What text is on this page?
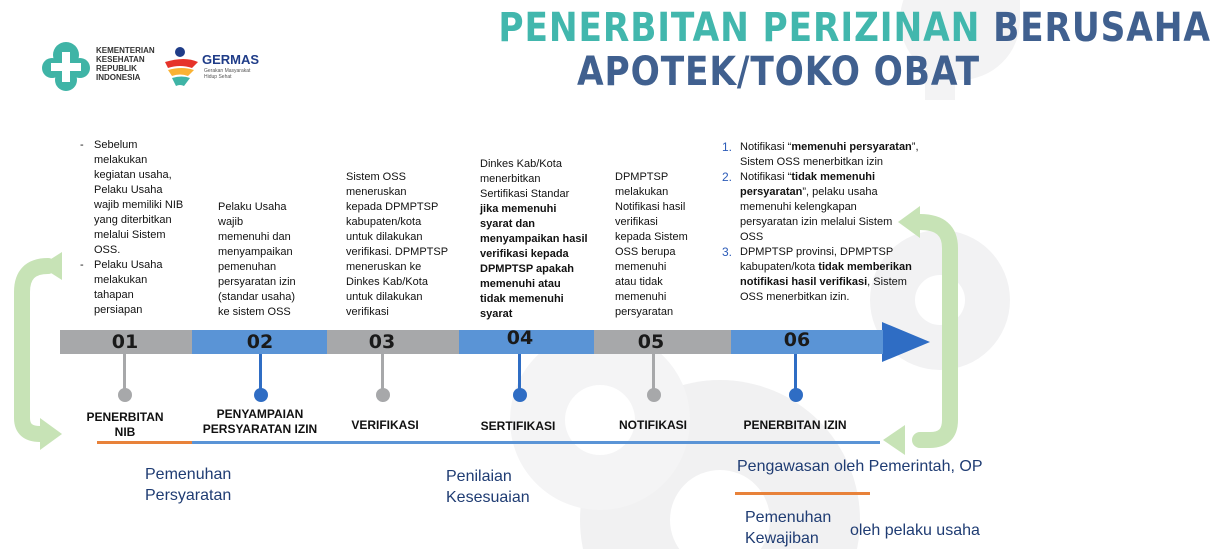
KEMENTERIAN
KESEHATAN
REPUBLIK
INDONESIA
GERMAS
Gerakan Masyarakat
Hidup Sehat
PENERBITAN PERIZINAN BERUSAHA
APOTEK/TOKO OBAT
- Sebelum
melakukan
kegiatan usaha,
Pelaku Usaha
wajib memiliki NIB
yang diterbitkan
melalui Sistem
OSS.
- Pelaku Usaha
melakukan
tahapan
persiapan
Pelaku Usaha
wajib
memenuhi dan
menyampaikan
pemenuhan
persyaratan izin
(standar usaha)
ke sistem OSS
Sistem OSS
meneruskan
kepada DPMPTSP
kabupaten/kota
untuk dilakukan
verifikasi. DPMPTSP
meneruskan ke
Dinkes Kab/Kota
untuk dilakukan
verifikasi
Dinkes Kab/Kota
menerbitkan
Sertifikasi Standar
jika memenuhi
syarat dan
menyampaikan hasil
verifikasi kepada
DPMPTSP apakah
memenuhi atau
tidak memenuhi
syarat
DPMPTSP
melakukan
Notifikasi hasil
verifikasi
kepada Sistem
OSS berupa
memenuhi
atau tidak
memenuhi
persyaratan
1. Notifikasi “memenuhi persyaratan”,
Sistem OSS menerbitkan izin
2. Notifikasi “tidak memenuhi
persyaratan”, pelaku usaha
memenuhi kelengkapan
persyaratan izin melalui Sistem
OSS
3. DPMPTSP provinsi, DPMPTSP
kabupaten/kota tidak memberikan
notifikasi hasil verifikasi, Sistem
OSS menerbitkan izin.
01	02	03	04	05	06
PENERBITAN
NIB
PENYAMPAIAN
PERSYARATAN IZIN	VERIFIKASI	SERTIFIKASI	NOTIFIKASI	PENERBITAN IZIN
Pemenuhan
Persyaratan
Penilaian
Kesesuaian
Pengawasan oleh Pemerintah, OP
Pemenuhan
Kewajiban	oleh pelaku usaha
